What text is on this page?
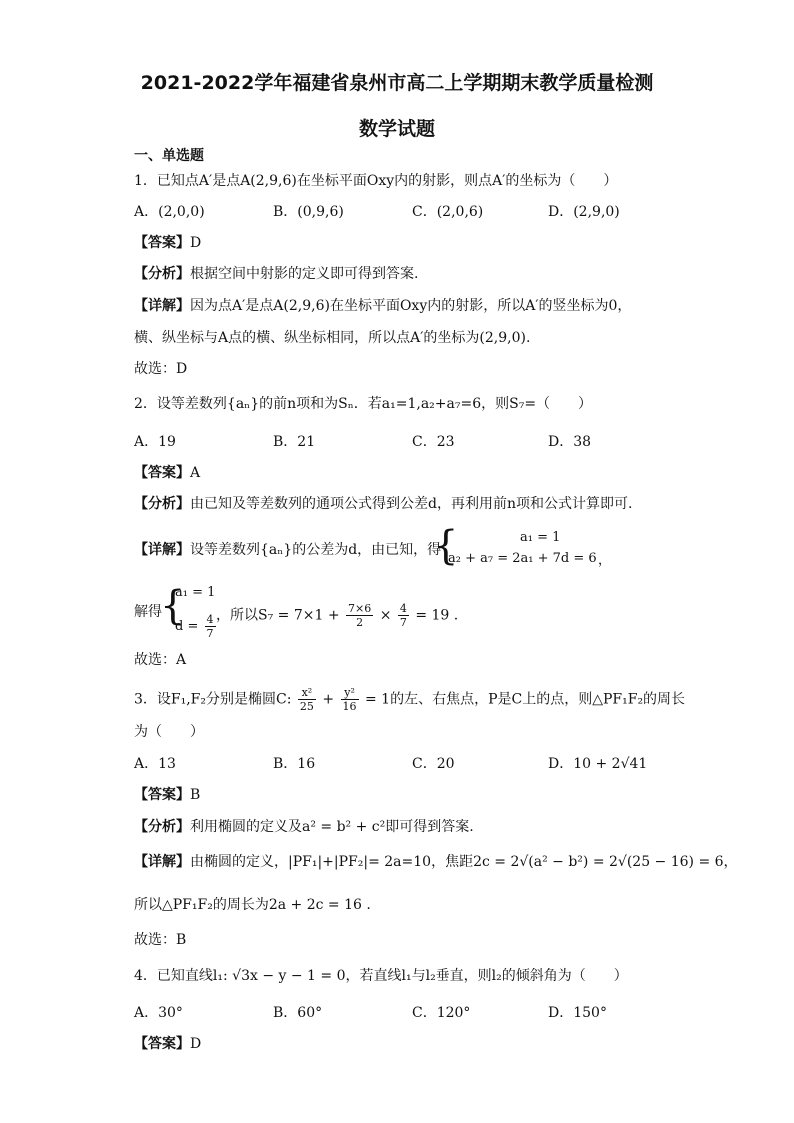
2021-2022学年福建省泉州市高二上学期期末教学质量检测
数学试题
一、单选题
1．已知点A′是点A(2,9,6)在坐标平面Oxy内的射影，则点A′的坐标为（　　）
A．(2,0,0)	B．(0,9,6)	C．(2,0,6)	D．(2,9,0)
【答案】D
【分析】根据空间中射影的定义即可得到答案.
【详解】因为点A′是点A(2,9,6)在坐标平面Oxy内的射影，所以A′的竖坐标为0，
横、纵坐标与A点的横、纵坐标相同，所以点A′的坐标为(2,9,0).
故选：D
2．设等差数列{aₙ}的前n项和为Sₙ．若a₁=1,a₂+a₇=6，则S₇=（　　）
A．19	B．21	C．23	D．38
【答案】A
【分析】由已知及等差数列的通项公式得到公差d，再利用前n项和公式计算即可.
【详解】设等差数列{aₙ}的公差为d，由已知，得
{	a₁ = 1
a₂ + a₇ = 2a₁ + 7d = 6 ，
解得
{
a₁ = 1
$d = \frac{4}{7}$ ，所以$S_7 = 7\times 1 + \frac{7\times 6}{2} \times \frac{4}{7} = 19$ .
故选：A
3．设F₁,F₂分别是椭圆C: $\frac{\text{x²}}{25} + \frac{\text{y²}}{16} = 1$的左、右焦点，P是C上的点，则△PF₁F₂的周长
为（　　）
A．13	B．16	C．20	D．10 + 2√41
【答案】B
【分析】利用椭圆的定义及a² = b² + c²即可得到答案.
【详解】由椭圆的定义，|PF₁|+|PF₂|= 2a=10，焦距2c = 2√(a² − b²) = 2√(25 − 16) = 6，
所以△PF₁F₂的周长为2a + 2c = 16 .
故选：B
4．已知直线l₁: √3x − y − 1 = 0，若直线l₁与l₂垂直，则l₂的倾斜角为（　　）
A．30°	B．60°	C．120°	D．150°
【答案】D
